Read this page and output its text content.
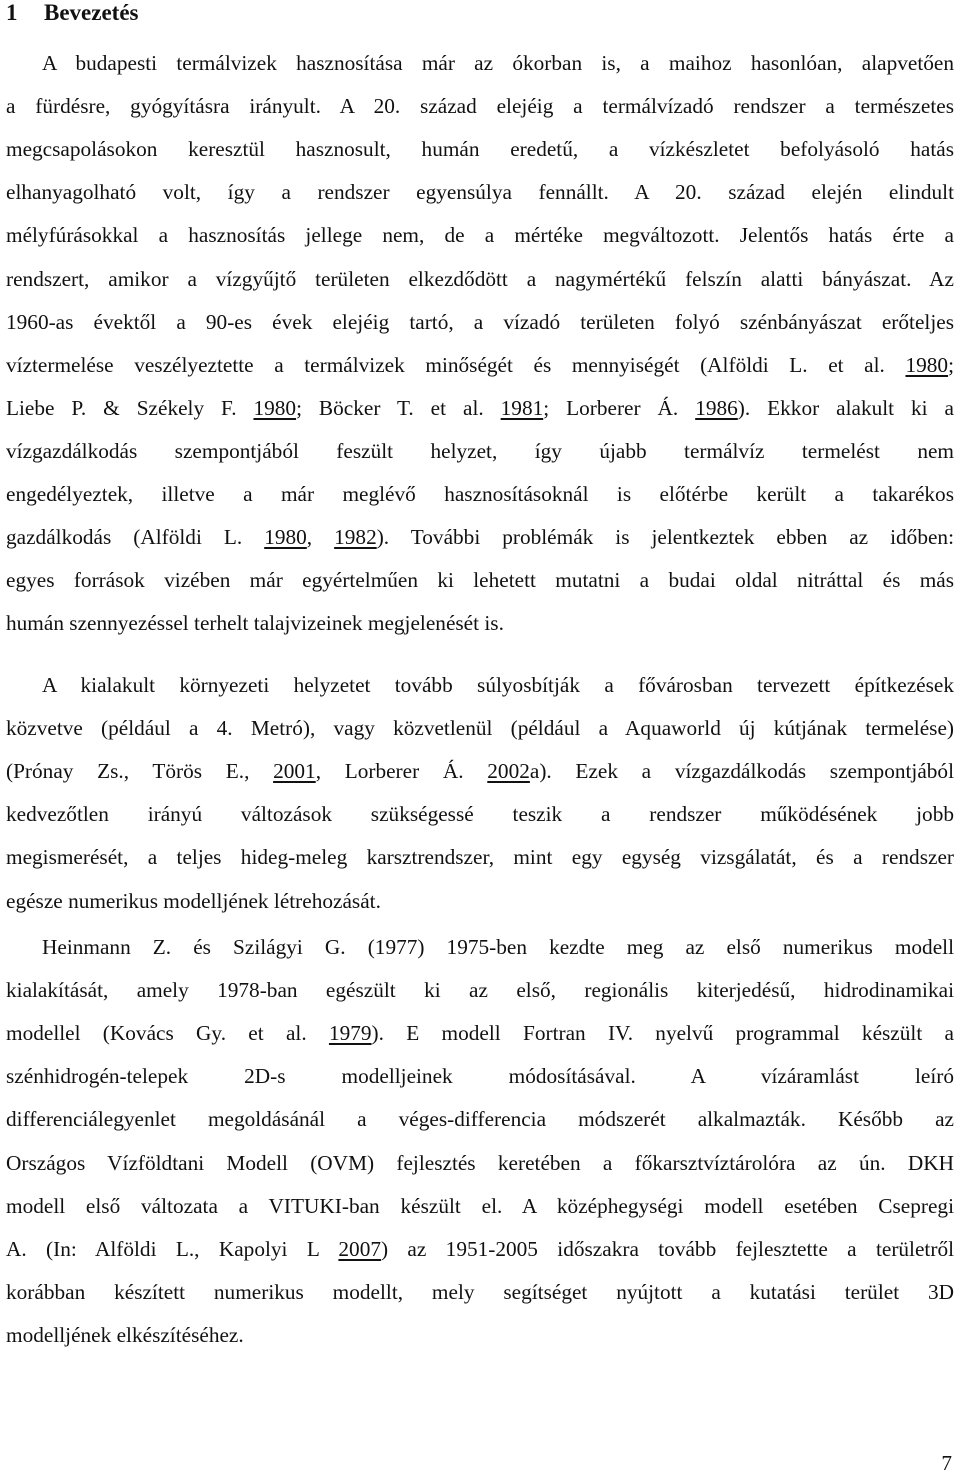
1 Bevezetés
A budapesti termálvizek hasznosítása már az ókorban is, a maihoz hasonlóan, alapvetően
a fürdésre, gyógyításra irányult. A 20. század elejéig a termálvízadó rendszer a természetes
megcsapolásokon keresztül hasznosult, humán eredetű, a vízkészletet befolyásoló hatás
elhanyagolható volt, így a rendszer egyensúlya fennállt. A 20. század elején elindult
mélyfúrásokkal a hasznosítás jellege nem, de a mértéke megváltozott. Jelentős hatás érte a
rendszert, amikor a vízgyűjtő területen elkezdődött a nagymértékű felszín alatti bányászat. Az
1960-as évektől a 90-es évek elejéig tartó, a vízadó területen folyó szénbányászat erőteljes
víztermelése veszélyeztette a termálvizek minőségét és mennyiségét (Alföldi L. et al. 1980;
Liebe P. & Székely F. 1980; Böcker T. et al. 1981; Lorberer Á. 1986). Ekkor alakult ki a
vízgazdálkodás szempontjából feszült helyzet, így újabb termálvíz termelést nem
engedélyeztek, illetve a már meglévő hasznosításoknál is előtérbe került a takarékos
gazdálkodás (Alföldi L. 1980, 1982). További problémák is jelentkeztek ebben az időben:
egyes források vizében már egyértelműen ki lehetett mutatni a budai oldal nitráttal és más
humán szennyezéssel terhelt talajvizeinek megjelenését is.
A kialakult környezeti helyzetet tovább súlyosbítják a fővárosban tervezett építkezések
közvetve (például a 4. Metró), vagy közvetlenül (például a Aquaworld új kútjának termelése)
(Prónay Zs., Törös E., 2001, Lorberer Á. 2002a). Ezek a vízgazdálkodás szempontjából
kedvezőtlen irányú változások szükségessé teszik a rendszer működésének jobb
megismerését, a teljes hideg-meleg karsztrendszer, mint egy egység vizsgálatát, és a rendszer
egésze numerikus modelljének létrehozását.
Heinmann Z. és Szilágyi G. (1977) 1975-ben kezdte meg az első numerikus modell
kialakítását, amely 1978-ban egészült ki az első, regionális kiterjedésű, hidrodinamikai
modellel (Kovács Gy. et al. 1979). E modell Fortran IV. nyelvű programmal készült a
szénhidrogén-telepek 2D-s modelljeinek módosításával. A vízáramlást leíró
differenciálegyenlet megoldásánál a véges-differencia módszerét alkalmazták. Később az
Országos Vízföldtani Modell (OVM) fejlesztés keretében a főkarsztvíztárolóra az ún. DKH
modell első változata a VITUKI-ban készült el. A középhegységi modell esetében Csepregi
A. (In: Alföldi L., Kapolyi L 2007) az 1951-2005 időszakra tovább fejlesztette a területről
korábban készített numerikus modellt, mely segítséget nyújtott a kutatási terület 3D
modelljének elkészítéséhez.
7
